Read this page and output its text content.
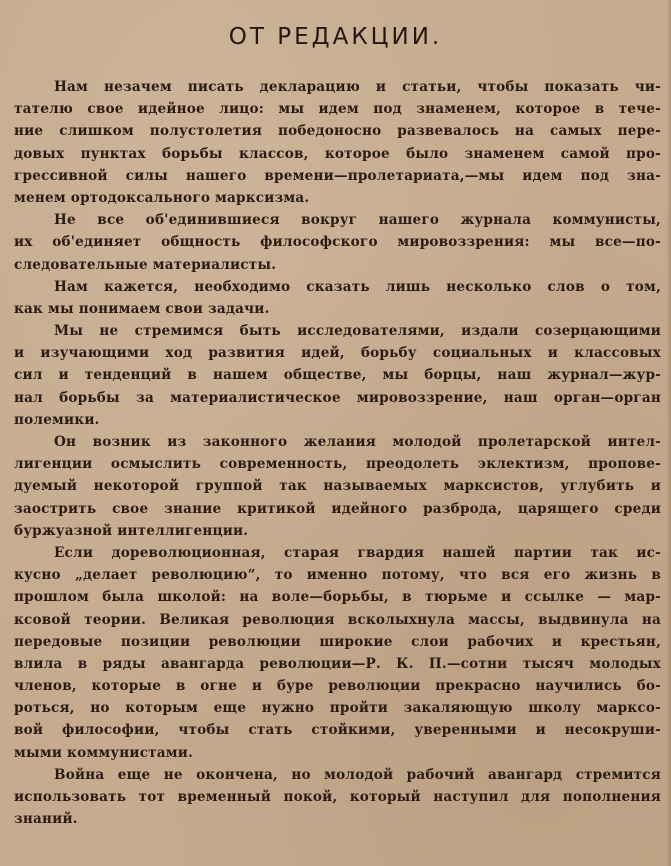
ОТ РЕДАКЦИИ.
Нам незачем писать декларацию и статьи, чтобы показать чи-
тателю свое идейное лицо: мы идем под знаменем, которое в тече-
ние слишком полустолетия победоносно развевалось на самых пере-
довых пунктах борьбы классов, которое было знаменем самой про-
грессивной силы нашего времени—пролетариата,—мы идем под зна-
менем ортодоксального марксизма.
Не все об'единившиеся вокруг нашего журнала коммунисты,
их об'единяет общность философского мировоззрения: мы все—по-
следовательные материалисты.
Нам кажется, необходимо сказать лишь несколько слов о том,
как мы понимаем свои задачи.
Мы не стремимся быть исследователями, издали созерцающими
и изучающими ход развития идей, борьбу социальных и классовых
сил и тенденций в нашем обществе, мы борцы, наш журнал—жур-
нал борьбы за материалистическое мировоззрение, наш орган—орган
полемики.
Он возник из законного желания молодой пролетарской интел-
лигенции осмыслить современность, преодолеть эклектизм, пропове-
дуемый некоторой группой так называемых марксистов, углубить и
заострить свое знание критикой идейного разброда, царящего среди
буржуазной интеллигенции.
Если дореволюционная, старая гвардия нашей партии так ис-
кусно „делает революцию“, то именно потому, что вся его жизнь в
прошлом была школой: на воле—борьбы, в тюрьме и ссылке — мар-
ксовой теории. Великая революция всколыхнула массы, выдвинула на
передовые позиции революции широкие слои рабочих и крестьян,
влила в ряды авангарда революции—Р. К. П.—сотни тысяч молодых
членов, которые в огне и буре революции прекрасно научились бо-
роться, но которым еще нужно пройти закаляющую школу марксо-
вой философии, чтобы стать стойкими, уверенными и несокруши-
мыми коммунистами.
Война еще не окончена, но молодой рабочий авангард стремится
использовать тот временный покой, который наступил для пополнения
знаний.
